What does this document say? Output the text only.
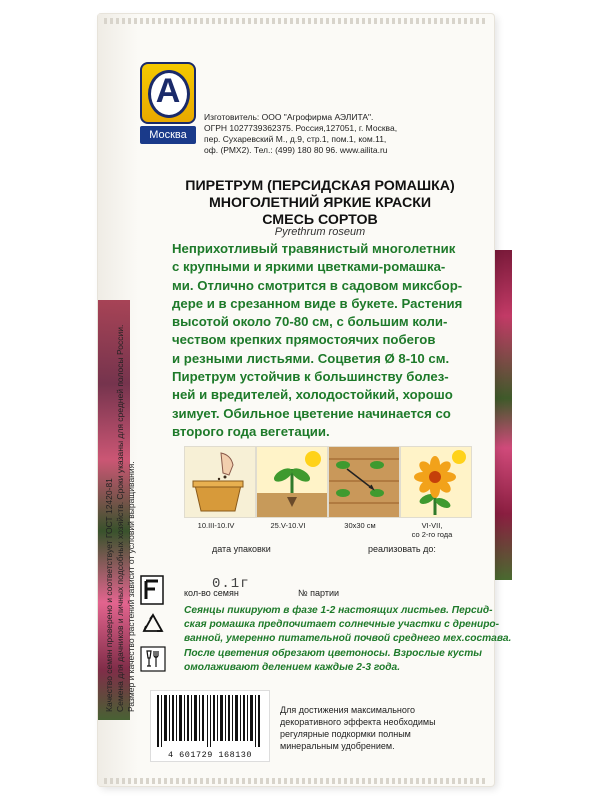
А
Москва
Изготовитель: ООО "Агрофирма АЭЛИТА".
ОГРН 1027739362375. Россия,127051, г. Москва,
пер. Сухаревский М., д.9, стр.1, пом.1, ком.11,
оф. (РМХ2). Тел.: (499) 180 80 96. www.ailita.ru
ПИРЕТРУМ (ПЕРСИДСКАЯ РОМАШКА)
МНОГОЛЕТНИЙ ЯРКИЕ КРАСКИ
СМЕСЬ СОРТОВ
Pyrethrum roseum
Неприхотливый травянистый многолетник
с крупными и яркими цветками-ромашка-
ми. Отлично смотрится в садовом миксбор-
дере и в срезанном виде в букете. Растения
высотой около 70-80 см, с большим коли-
чеством крепких прямостоячих побегов
и резными листьями. Соцветия Ø 8-10 см.
Пиретрум устойчив к большинству болез-
ней и вредителей, холодостойкий, хорошо
зимует. Обильное цветение начинается со
второго года вегетации.
10.III-10.IV	25.V-10.VI	30x30 см	VI-VII,
со 2-го года
Качество семян проверено и соответствует ГОСТ 12420-81 Семена для дачников и личных подсобных хозяйств. Сроки указаны для средней полосы России. Размер и качество растений зависит от условий выращивания.	дата упаковки	реализовать до:
0.1г
кол-во семян	№ партии
Сеянцы пикируют в фазе 1-2 настоящих листьев. Персид-
ская ромашка предпочитает солнечные участки с дрениро-
ванной, умеренно питательной почвой среднего мех.состава.
После цветения обрезают цветоносы. Взрослые кусты
омолаживают делением каждые 2-3 года.
4 601729 168130
Для достижения максимального
декоративного эффекта необходимы
регулярные подкормки полным
минеральным удобрением.
